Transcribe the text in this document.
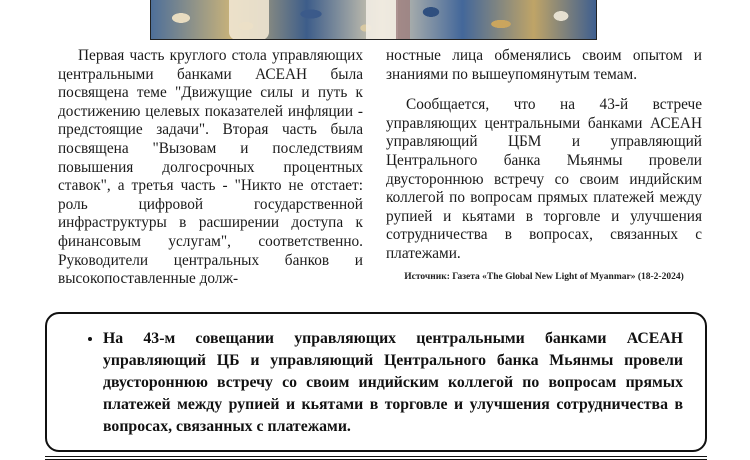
Первая часть круглого стола управляющих центральными банками АСЕАН была посвящена теме "Движущие силы и путь к достижению целевых показателей инфляции - предстоящие задачи". Вторая часть была посвящена "Вызовам и последствиям повышения долгосрочных процентных ставок", а третья часть - "Никто не отстает: роль цифровой государственной инфраструктуры в расширении доступа к финансовым услугам", соответственно. Руководители центральных банков и высокопоставленные долж-

ностные лица обменялись своим опытом и знаниями по вышеупомянутым темам.

Сообщается, что на 43-й встрече управляющих центральными банками АСЕАН управляющий ЦБМ и управляющий Центрального банка Мьянмы провели двустороннюю встречу со своим индийским коллегой по вопросам прямых платежей между рупией и кьятами в торговле и улучшения сотрудничества в вопросах, связанных с платежами.

Источник: Газета «The Global New Light of Myanmar» (18-2-2024)
• На 43-м совещании управляющих центральными банками АСЕАН управляющий ЦБ и управляющий Центрального банка Мьянмы провели двустороннюю встречу со своим индийским коллегой по вопросам прямых платежей между рупией и кьятами в торговле и улучшения сотрудничества в вопросах, связанных с платежами.
